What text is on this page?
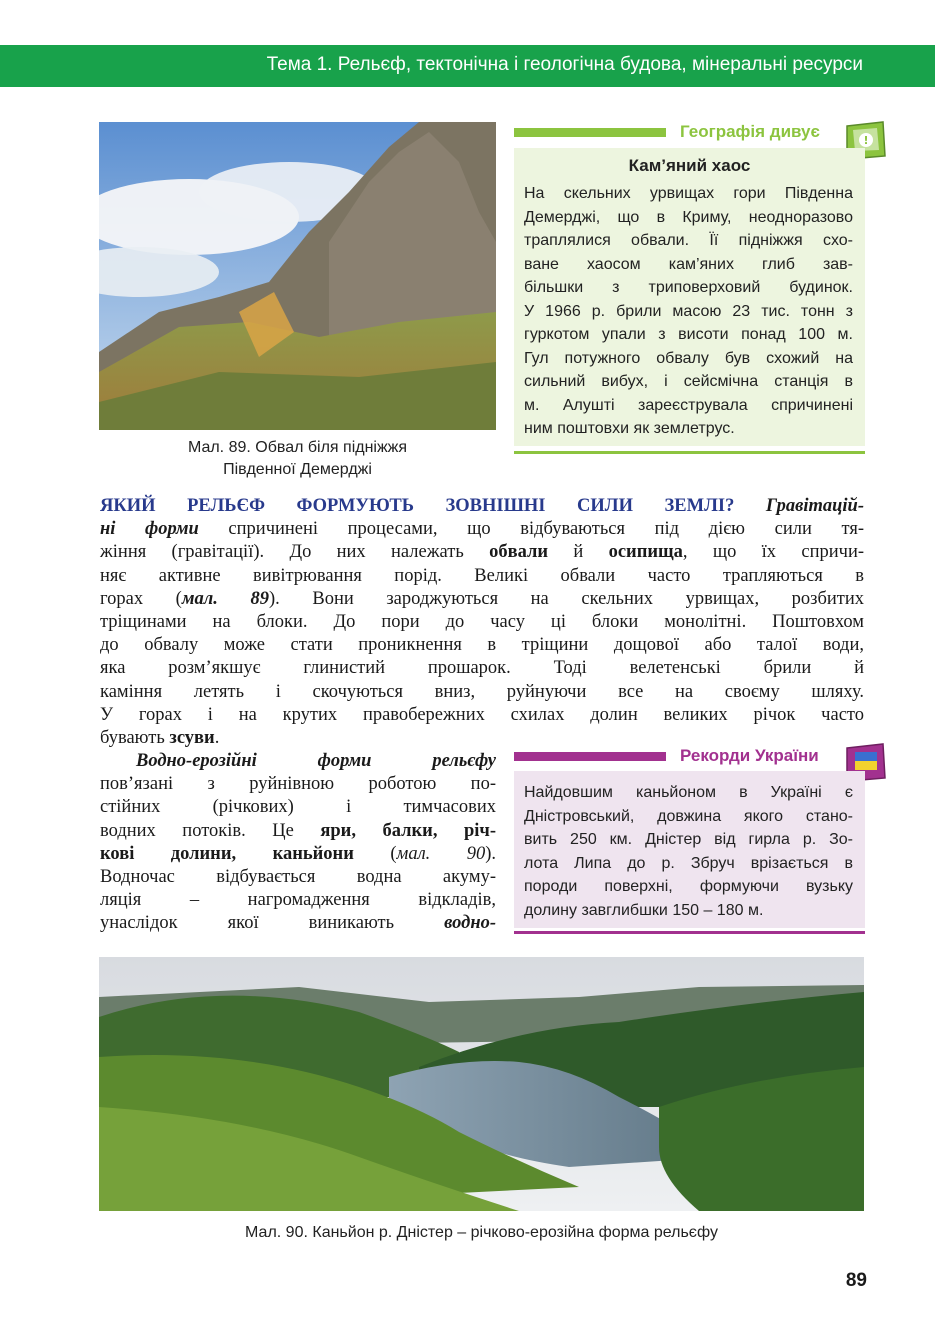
Тема 1. Рельєф, тектонічна і геологічна будова, мінеральні ресурси
Мал. 89. Обвал біля підніжжя
Південної Демерджі
Географія дивує	!
Кам’яний хаос
На скельних урвищах гори Південна
Демерджі, що в Криму, неодноразово
траплялися обвали. Її підніжжя схо-
ване хаосом кам’яних глиб зав-
більшки з триповерховий будинок.
У 1966 р. брили масою 23 тис. тонн з
гуркотом упали з висоти понад 100 м.
Гул потужного обвалу був схожий на
сильний вибух, і сейсмічна станція в
м. Алушті зареєструвала спричинені
ним поштовхи як землетрус.
ЯКИЙ РЕЛЬЄФ ФОРМУЮТЬ ЗОВНІШНІ СИЛИ ЗЕМЛІ? Гравітацій-
ні форми спричинені процесами, що відбуваються під дією сили тя-
жіння (гравітації). До них належать обвали й осипища, що їх спричи-
няє активне вивітрювання порід. Великі обвали часто трапляються в
горах (мал. 89). Вони зароджуються на скельних урвищах, розбитих
тріщинами на блоки. До пори до часу ці блоки монолітні. Поштовхом
до обвалу може стати проникнення в тріщини дощової або талої води,
яка розм’якшує глинистий прошарок. Тоді велетенські брили й
каміння летять і скочуються вниз, руйнуючи все на своєму шляху.
У горах і на крутих правобережних схилах долин великих річок часто
бувають зсуви.
Водно-ерозійні форми рельєфу
пов’язані з руйнівною роботою по-
стійних (річкових) і тимчасових
водних потоків. Це яри, балки, річ-
кові долини, каньйони (мал. 90).
Водночас відбувається водна акуму-
ляція – нагромадження відкладів,
унаслідок якої виникають водно-
Рекорди України
Найдовшим каньйоном в Україні є
Дністровський, довжина якого стано-
вить 250 км. Дністер від гирла р. Зо-
лота Липа до р. Збруч врізається в
породи поверхні, формуючи вузьку
долину завглибшки 150 – 180 м.
Мал. 90. Каньйон р. Дністер – річково-ерозійна форма рельєфу
89
